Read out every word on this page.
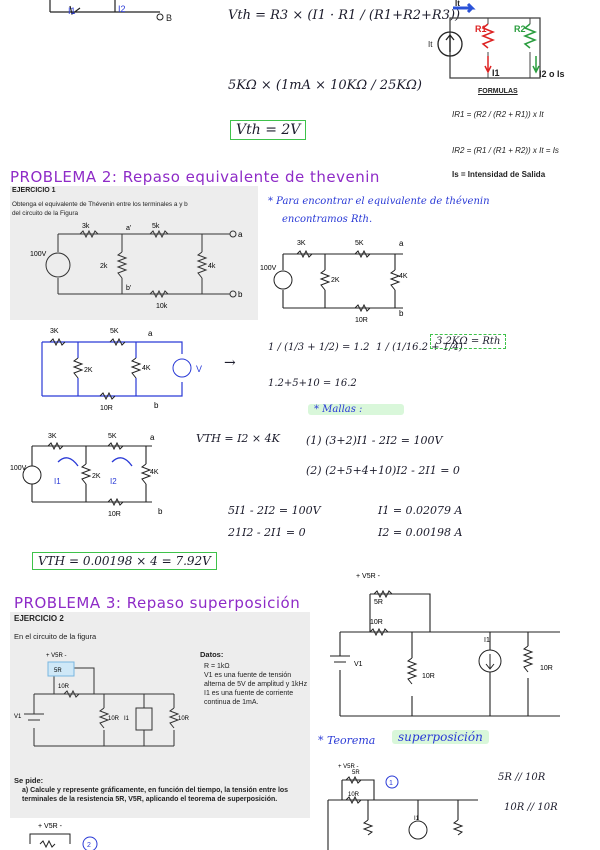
I1	I2
B	Vth = R3 × (I1 · R1 / (R1+R2+R3))
5KΩ × (1mA × 10KΩ / 25KΩ)
Vth = 2V
It
It
R1	R2
I1	I2 o Is
FORMULAS
IR1 = (R2 / (R2 + R1)) x It
IR2 = (R1 / (R1 + R2)) x It = Is
Is = Intensidad de Salida
PROBLEMA 2: Repaso equivalente de thevenin
EJERCICIO 1
Obtenga el equivalente de Thévenin entre los terminales a y b
del circuito de la Figura
3k	5k
2k	4k
10k
100V
a
b
a'
b'
* Para encontrar el equivalente de thévenin
encontramos Rth.
3K	5K
2K
4K
10R
100V
a
b
3K	5K
2K	4K
10R
a
b
V →
1 / (1/3 + 1/2) = 1.2
1.2+5+10 = 16.2
1 / (1/16.2 + 1/4)
3.2KΩ = Rth
* Mallas :
3K	5K
2K
4K
10R
100V
a
b
I1	I2
VTH = I2 × 4K (1) (3+2)I1 - 2I2 = 100V
(2) (2+5+4+10)I2 - 2I1 = 0
5I1 - 2I2 = 100V
21I2 - 2I1 = 0
I1 = 0.02079 A
I2 = 0.00198 A
VTH = 0.00198 × 4 = 7.92V
PROBLEMA 3: Repaso superposición
EJERCICIO 2
En el circuito de la figura
+ V5R -
5R
10R
10R	10R
V1	I1
Datos:
R = 1kΩ
V1 es una fuente de tensión alterna de 5V de amplitud y 1kHz
I1 es una fuente de corriente continua de 1mA.
Se pide:
a) Calcule y represente gráficamente, en función del tiempo, la tensión entre los terminales de la resistencia 5R, V5R, aplicando el teorema de superposición.
+ V5R -
5R
10R
10R
10R
V1
I1
* Teorema	superposición
1
+ V5R -
5R
10R
I1
5R // 10R
10R // 10R
+ V5R -
2
